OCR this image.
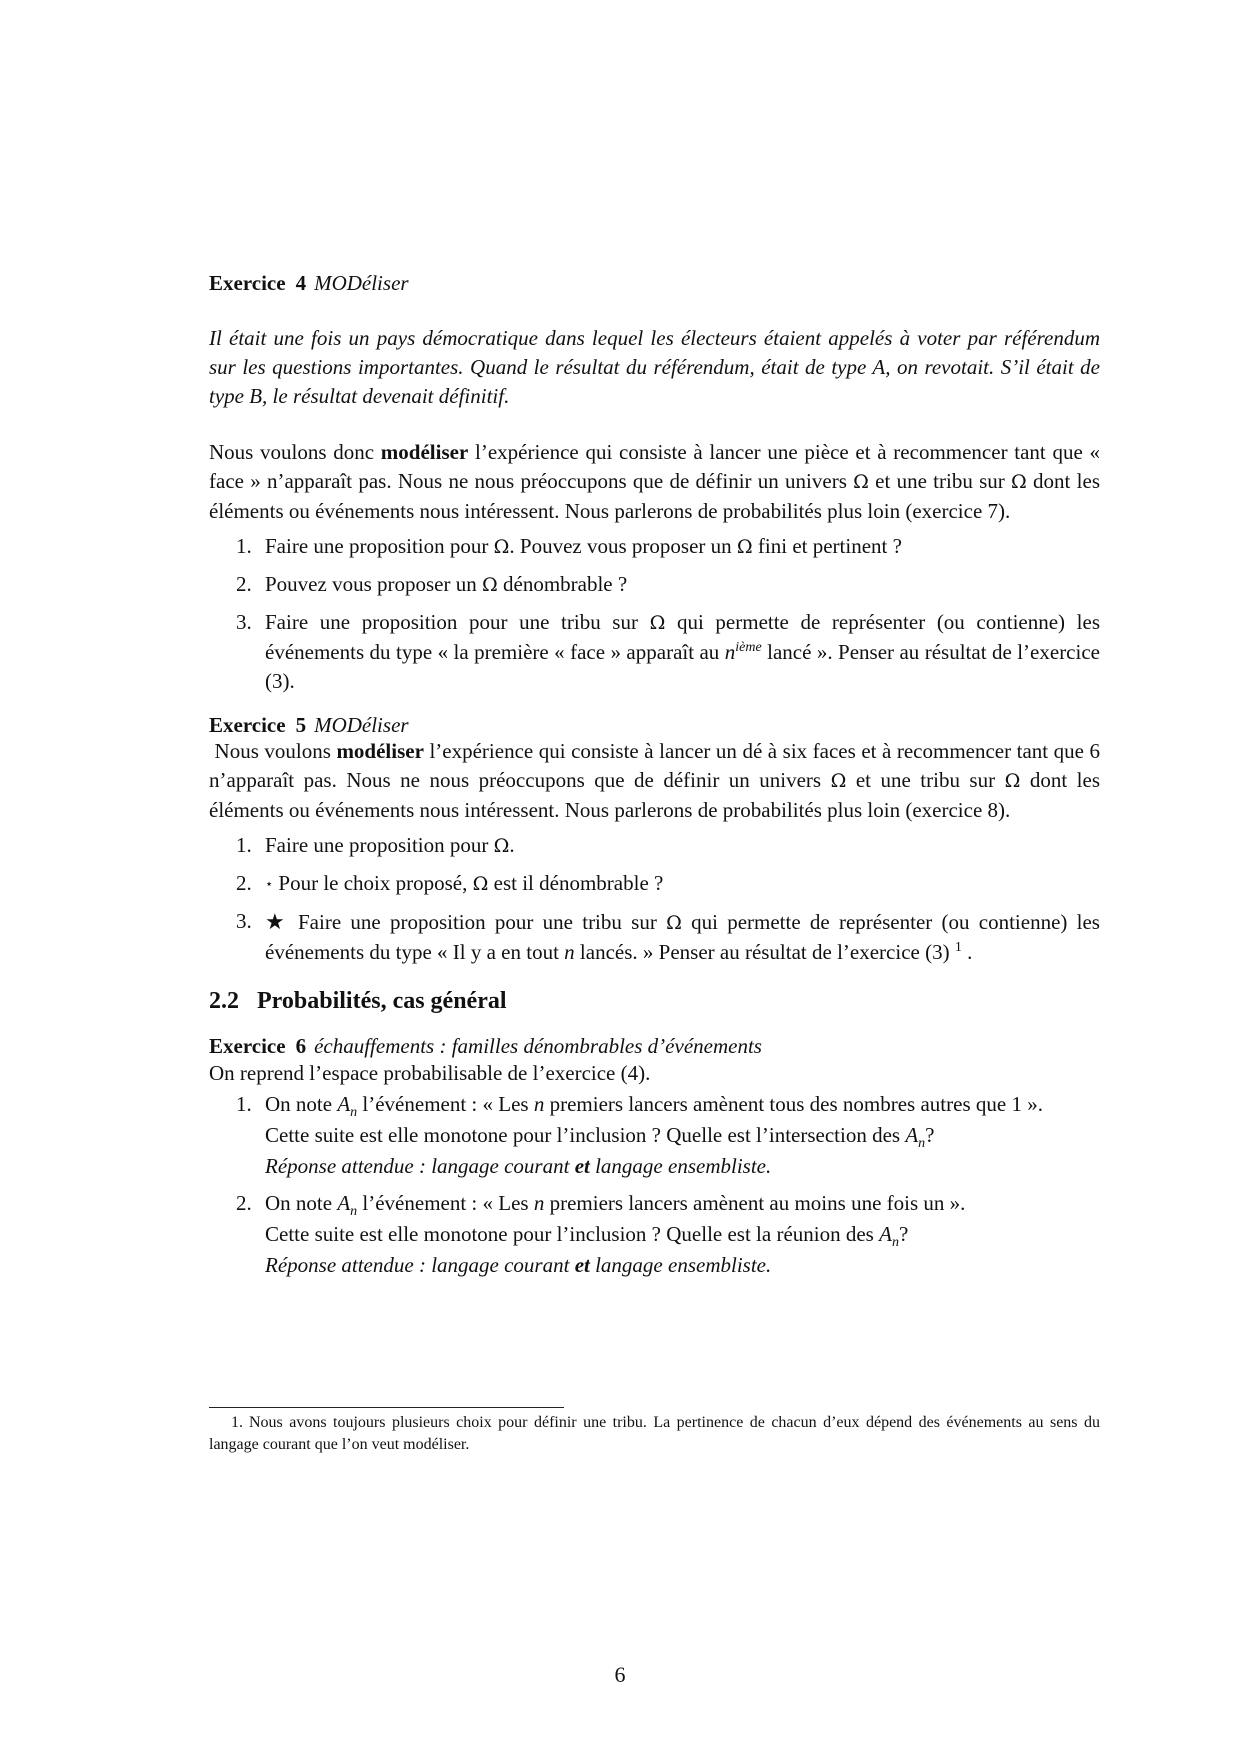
Exercice 4 MODéliser

Il était une fois un pays démocratique dans lequel les électeurs étaient appelés à voter par référendum sur les questions importantes. Quand le résultat du référendum, était de type A, on revotait. S’il était de type B, le résultat devenait définitif.

Nous voulons donc modéliser l’expérience qui consiste à lancer une pièce et à recommencer tant que « face » n’apparaît pas. Nous ne nous préoccupons que de définir un univers Ω et une tribu sur Ω dont les éléments ou événements nous intéressent. Nous parlerons de probabilités plus loin (exercice 7).

1. Faire une proposition pour Ω. Pouvez vous proposer un Ω fini et pertinent ?
2. Pouvez vous proposer un Ω dénombrable ?
3. Faire une proposition pour une tribu sur Ω qui permette de représenter (ou contienne) les événements du type « la première « face » apparaît au $n^{ième}$ lancé ». Penser au résultat de l’exercice (3).
Exercice 5 MODéliser

Nous voulons modéliser l’expérience qui consiste à lancer un dé à six faces et à recommencer tant que 6 n’apparaît pas. Nous ne nous préoccupons que de définir un univers Ω et une tribu sur Ω dont les éléments ou événements nous intéressent. Nous parlerons de probabilités plus loin (exercice 8).

1. Faire une proposition pour Ω.
2. ⋆ Pour le choix proposé, Ω est il dénombrable ?
3. ★ Faire une proposition pour une tribu sur Ω qui permette de représenter (ou contienne) les événements du type « Il y a en tout n lancés. » Penser au résultat de l’exercice (3) $^1$ .
2.2 Probabilités, cas général
Exercice 6 échauffements : familles dénombrables d’événements

On reprend l’espace probabilisable de l’exercice (4).

1. On note $A_n$ l’événement : « Les n premiers lancers amènent tous des nombres autres que 1 ».
Cette suite est elle monotone pour l’inclusion ? Quelle est l’intersection des $A_n$?
Réponse attendue : langage courant et langage ensembliste.
2. On note $A_n$ l’événement : « Les n premiers lancers amènent au moins une fois un ».
Cette suite est elle monotone pour l’inclusion ? Quelle est la réunion des $A_n$?
Réponse attendue : langage courant et langage ensembliste.
1. Nous avons toujours plusieurs choix pour définir une tribu. La pertinence de chacun d’eux dépend des événements au sens du langage courant que l’on veut modéliser.
6
